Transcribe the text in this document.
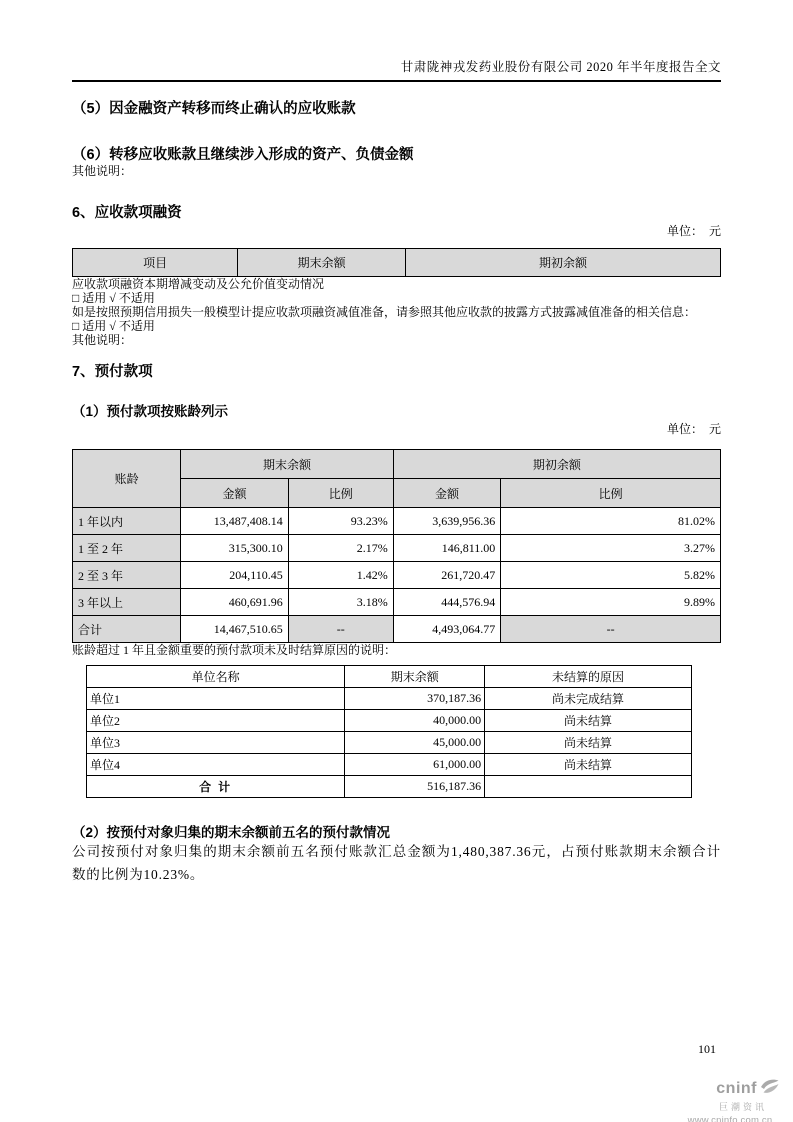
甘肃陇神戎发药业股份有限公司 2020 年半年度报告全文
（5）因金融资产转移而终止确认的应收账款
（6）转移应收账款且继续涉入形成的资产、负债金额

其他说明：

6、应收款项融资

单位：　元

项目	期末余额	期初余额

应收款项融资本期增减变动及公允价值变动情况

□ 适用 √ 不适用

如是按照预期信用损失一般模型计提应收款项融资减值准备，请参照其他应收款的披露方式披露减值准备的相关信息：

□ 适用 √ 不适用

其他说明：

7、预付款项
（1）预付款项按账龄列示

单位：　元

账龄	期末余额		期初余额	
	金额	比例	金额	比例
1 年以内	13,487,408.14	93.23%	3,639,956.36	81.02%
1 至 2 年	315,300.10	2.17%	146,811.00	3.27%
2 至 3 年	204,110.45	1.42%	261,720.47	5.82%
3 年以上	460,691.96	3.18%	444,576.94	9.89%
合计	14,467,510.65	--	4,493,064.77	--

账龄超过 1 年且金额重要的预付款项未及时结算原因的说明：

单位名称	期末余额	未结算的原因
单位1	370,187.36	尚未完成结算
单位2	40,000.00	尚未结算
单位3	45,000.00	尚未结算
单位4	61,000.00	尚未结算
合 计	516,187.36	
（2）按预付对象归集的期末余额前五名的预付款情况

公司按预付对象归集的期末余额前五名预付账款汇总金额为1,480,387.36元，占预付账款期末余额合计数的比例为10.23%。

101
cninf
巨潮资讯
www.cninfo.com.cn
